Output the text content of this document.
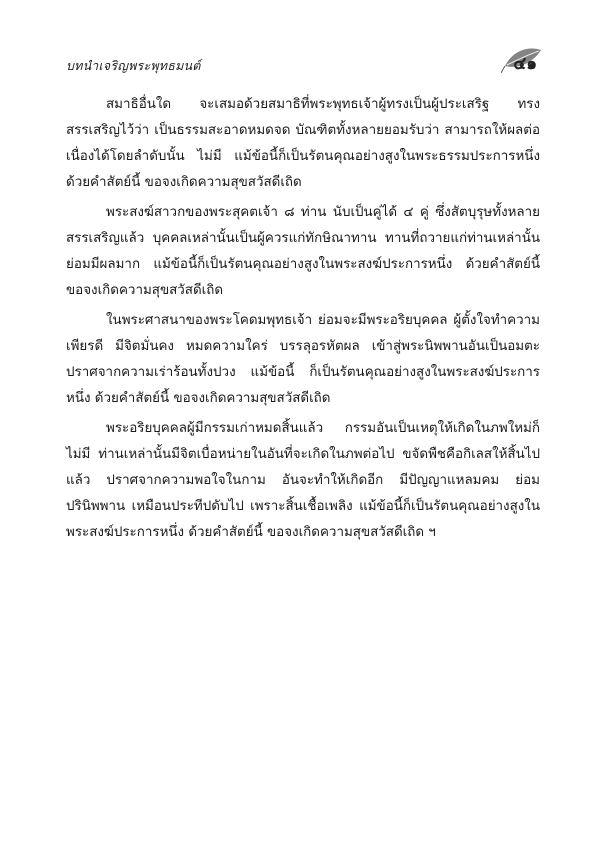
บทนำเจริญพระพุทธมนต์	๔๑

สมาธิอื่นใด จะเสมอด้วยสมาธิที่พระพุทธเจ้าผู้ทรงเป็นผู้ประเสริฐ ทรงสรรเสริญไว้ว่า เป็นธรรมสะอาดหมดจด บัณฑิตทั้งหลายยอมรับว่า สามารถให้ผลต่อเนื่องได้โดยลำดับนั้น ไม่มี แม้ข้อนี้ก็เป็นรัตนคุณอย่างสูงในพระธรรมประการหนึ่ง ด้วยคำสัตย์นี้ ขอจงเกิดความสุขสวัสดีเถิด

พระสงฆ์สาวกของพระสุคตเจ้า ๘ ท่าน นับเป็นคู่ได้ ๔ คู่ ซึ่งสัตบุรุษทั้งหลายสรรเสริญแล้ว บุคคลเหล่านั้นเป็นผู้ควรแก่ทักษิณาทาน ทานที่ถวายแก่ท่านเหล่านั้น ย่อมมีผลมาก แม้ข้อนี้ก็เป็นรัตนคุณอย่างสูงในพระสงฆ์ประการหนึ่ง ด้วยคำสัตย์นี้ ขอจงเกิดความสุขสวัสดีเถิด

ในพระศาสนาของพระโคดมพุทธเจ้า ย่อมจะมีพระอริยบุคคล ผู้ตั้งใจทำความเพียรดี มีจิตมั่นคง หมดความใคร่ บรรลุอรหัตผล เข้าสู่พระนิพพานอันเป็นอมตะ ปราศจากความเร่าร้อนทั้งปวง แม้ข้อนี้ ก็เป็นรัตนคุณอย่างสูงในพระสงฆ์ประการหนึ่ง ด้วยคำสัตย์นี้ ขอจงเกิดความสุขสวัสดีเถิด

พระอริยบุคคลผู้มีกรรมเก่าหมดสิ้นแล้ว กรรมอันเป็นเหตุให้เกิดในภพใหม่ก็ไม่มี ท่านเหล่านั้นมีจิตเบื่อหน่ายในอันที่จะเกิดในภพต่อไป ขจัดพืชคือกิเลสให้สิ้นไปแล้ว ปราศจากความพอใจในกาม อันจะทำให้เกิดอีก มีปัญญาแหลมคม ย่อมปรินิพพาน เหมือนประทีปดับไป เพราะสิ้นเชื้อเพลิง แม้ข้อนี้ก็เป็นรัตนคุณอย่างสูงในพระสงฆ์ประการหนึ่ง ด้วยคำสัตย์นี้ ขอจงเกิดความสุขสวัสดีเถิด ฯ
